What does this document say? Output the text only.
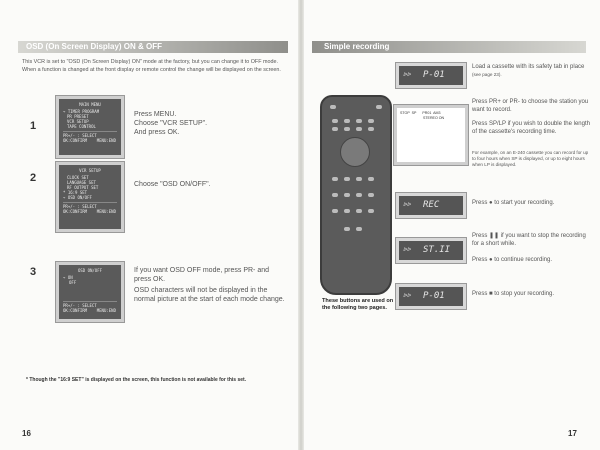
OSD (On Screen Display) ON & OFF
This VCR is set to "OSD (On Screen Display) ON" mode at the factory, but you can change it to OFF mode. When a function is changed at the front display or remote control the change will be displayed on the screen.
1
MAIN MENU
→ TIMER PROGRAM
PR PRESET
VCR SETUP
TAPE CONTROL
PR+/- : SELECT
OK:CONFIRM    MENU:END
Press MENU.
Choose "VCR SETUP".
And press OK.
2
VCR SETUP
CLOCK SET
LANGUAGE SET
RF OUTPUT SET
* 16:9 SET
→ OSD ON/OFF
PR+/- : SELECT
OK:CONFIRM    MENU:END
Choose "OSD ON/OFF".
3	OSD ON/OFF
→ ON
OFF
PR+/- : SELECT
OK:CONFIRM    MENU:END
If you want OSD OFF mode, press PR- and press OK.
OSD characters will not be displayed in the normal picture at the start of each mode change.
* Though the "16:9 SET" is displayed on the screen, this function is not available for this set.
16
Simple recording
These buttons are used on the following two pages.
STOP  SP      PR01  AM3
STEREO ON
ᐅᐅ P-01
ᐅᐅ REC
ᐅᐅ ST.II
ᐅᐅ P-01
Load a cassette with its safety tab in place (see page 23).
Press PR+ or PR- to choose the station you want to record.
Press SP/LP if you wish to double the length of the cassette's recording time.
For example, on an E-240 cassette you can record for up to four hours when SP is displayed, or up to eight hours when LP is displayed.
Press ● to start your recording.
Press ❚❚ if you want to stop the recording for a short while.
Press ● to continue recording.
Press ■ to stop your recording.
17
